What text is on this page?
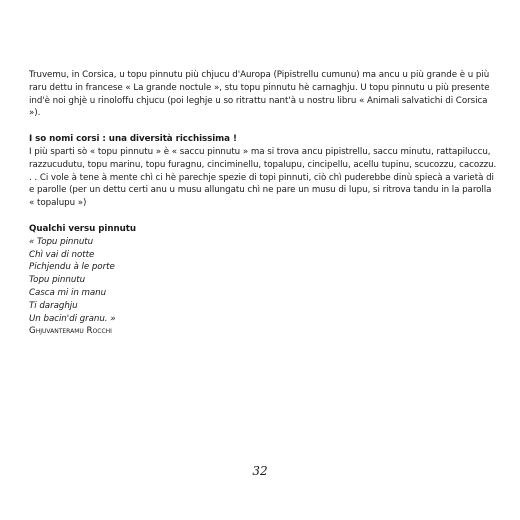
Truvemu, in Corsica, u topu pinnutu più chjucu d'Auropa (Pipistrellu cumunu) ma ancu u più grande è u più raru dettu in francese « La grande noctule », stu topu pinnutu hè carnaghju. U topu pinnutu u più presente ind'è noi ghjè u rinoloffu chjucu (poi leghje u so ritrattu nant'à u nostru libru « Animali salvatichi di Corsica »).

I so nomi corsi : una diversità ricchissima !

I più sparti sò « topu pinnutu » è « saccu pinnutu » ma si trova ancu pipistrellu, saccu minutu, rattapiluccu, razzucudutu, topu marinu, topu furagnu, cinciminellu, topalupu, cincipellu, acellu tupinu, scucozzu, cacozzu. . . Ci vole à tene à mente chì ci hè parechje spezie di topi pinnuti, ciò chì puderebbe dinù spiecà a varietà di e parolle (per un dettu certi anu u musu allungatu chì ne pare un musu di lupu, si ritrova tandu in la parolla « topalupu »)

Qualchi versu pinnutu

« Topu pinnutu

Chì vai di notte

Pichjendu à le porte

Topu pinnutu

Casca mi in manu

Ti daraghju

Un bacin'di granu. »

Ghjuvanteramu Rocchi

32
